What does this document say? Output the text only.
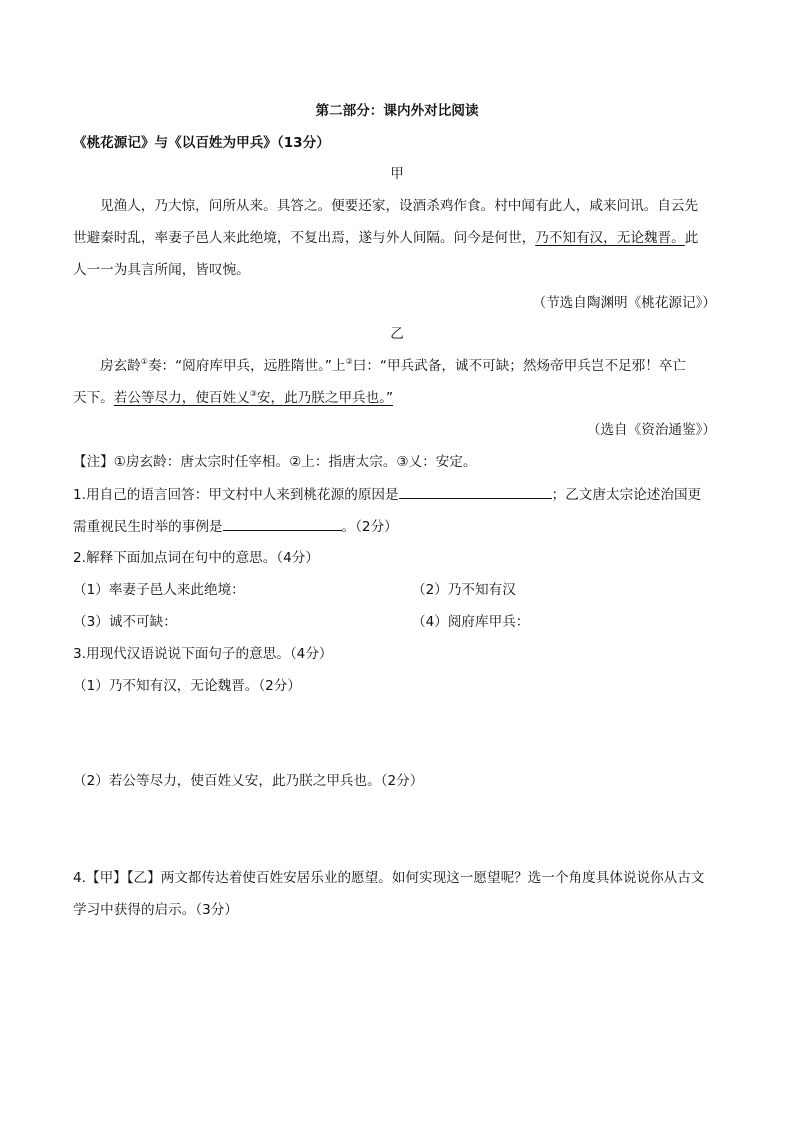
第二部分：课内外对比阅读
《桃花源记》与《以百姓为甲兵》（13分）
甲
见渔人，乃大惊，问所从来。具答之。便要还家，设酒杀鸡作食。村中闻有此人，咸来问讯。自云先
世避秦时乱，率妻子邑人来此绝境，不复出焉，遂与外人间隔。问今是何世，乃不知有汉，无论魏晋。此
人一一为具言所闻，皆叹惋。
（节选自陶渊明《桃花源记》）
乙
房玄龄①奏：“阅府库甲兵，远胜隋世。”上②曰：“甲兵武备，诚不可缺；然炀帝甲兵岂不足邪！卒亡
天下。若公等尽力，使百姓乂③安，此乃朕之甲兵也。”
（选自《资治通鉴》）
【注】①房玄龄：唐太宗时任宰相。②上：指唐太宗。③乂：安定。
1.用自己的语言回答：甲文村中人来到桃花源的原因是	；乙文唐太宗论述治国更
需重视民生时举的事例是	。（2分）
2.解释下面加点词在句中的意思。（4分）
（1）率妻子邑人来此绝境：	（2）乃不知有汉
（3）诚不可缺：	（4）阅府库甲兵：
3.用现代汉语说说下面句子的意思。（4分）
（1）乃不知有汉，无论魏晋。（2分）
（2）若公等尽力，使百姓乂安，此乃朕之甲兵也。（2分）
4.【甲】【乙】两文都传达着使百姓安居乐业的愿望。如何实现这一愿望呢？选一个角度具体说说你从古文
学习中获得的启示。（3分）
